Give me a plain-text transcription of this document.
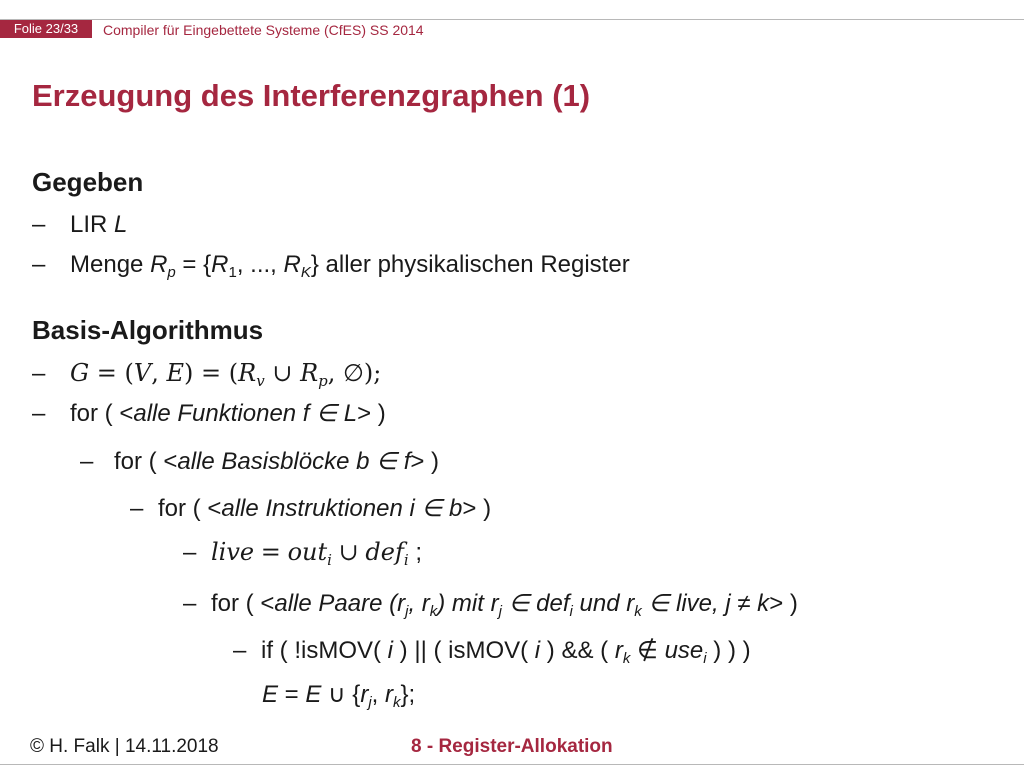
Folie 23/33	Compiler für Eingebettete Systeme (CfES) SS 2014
Erzeugung des Interferenzgraphen (1)
Gegeben
– LIR L
– Menge $R_p = \{R_1$, ..., $R_K$} aller physikalischen Register
Basis-Algorithmus
– G = (V, $E) = (R_v$ ∪ $R_p$, ∅);
– for ( <alle Funktionen f ∈ L> )
– for ( <alle Basisblöcke b ∈ f> )
– for ( <alle Instruktionen i ∈ b> )
– live = out$_i$ ∪ def$_i$ ;
– for ( <alle Paare ($r_j$, $r_k$) mit $r_j$ ∈ def$_i$ und $r_k$ ∈ live, j ≠ k> )
– if ( !isMOV( i ) || ( isMOV( i ) && ( $r_k$ ∉ use$_i$ ) ) )
E = E ∪ {$r_j$, $r_k$};
© H. Falk | 14.11.2018	8 - Register-Allokation
